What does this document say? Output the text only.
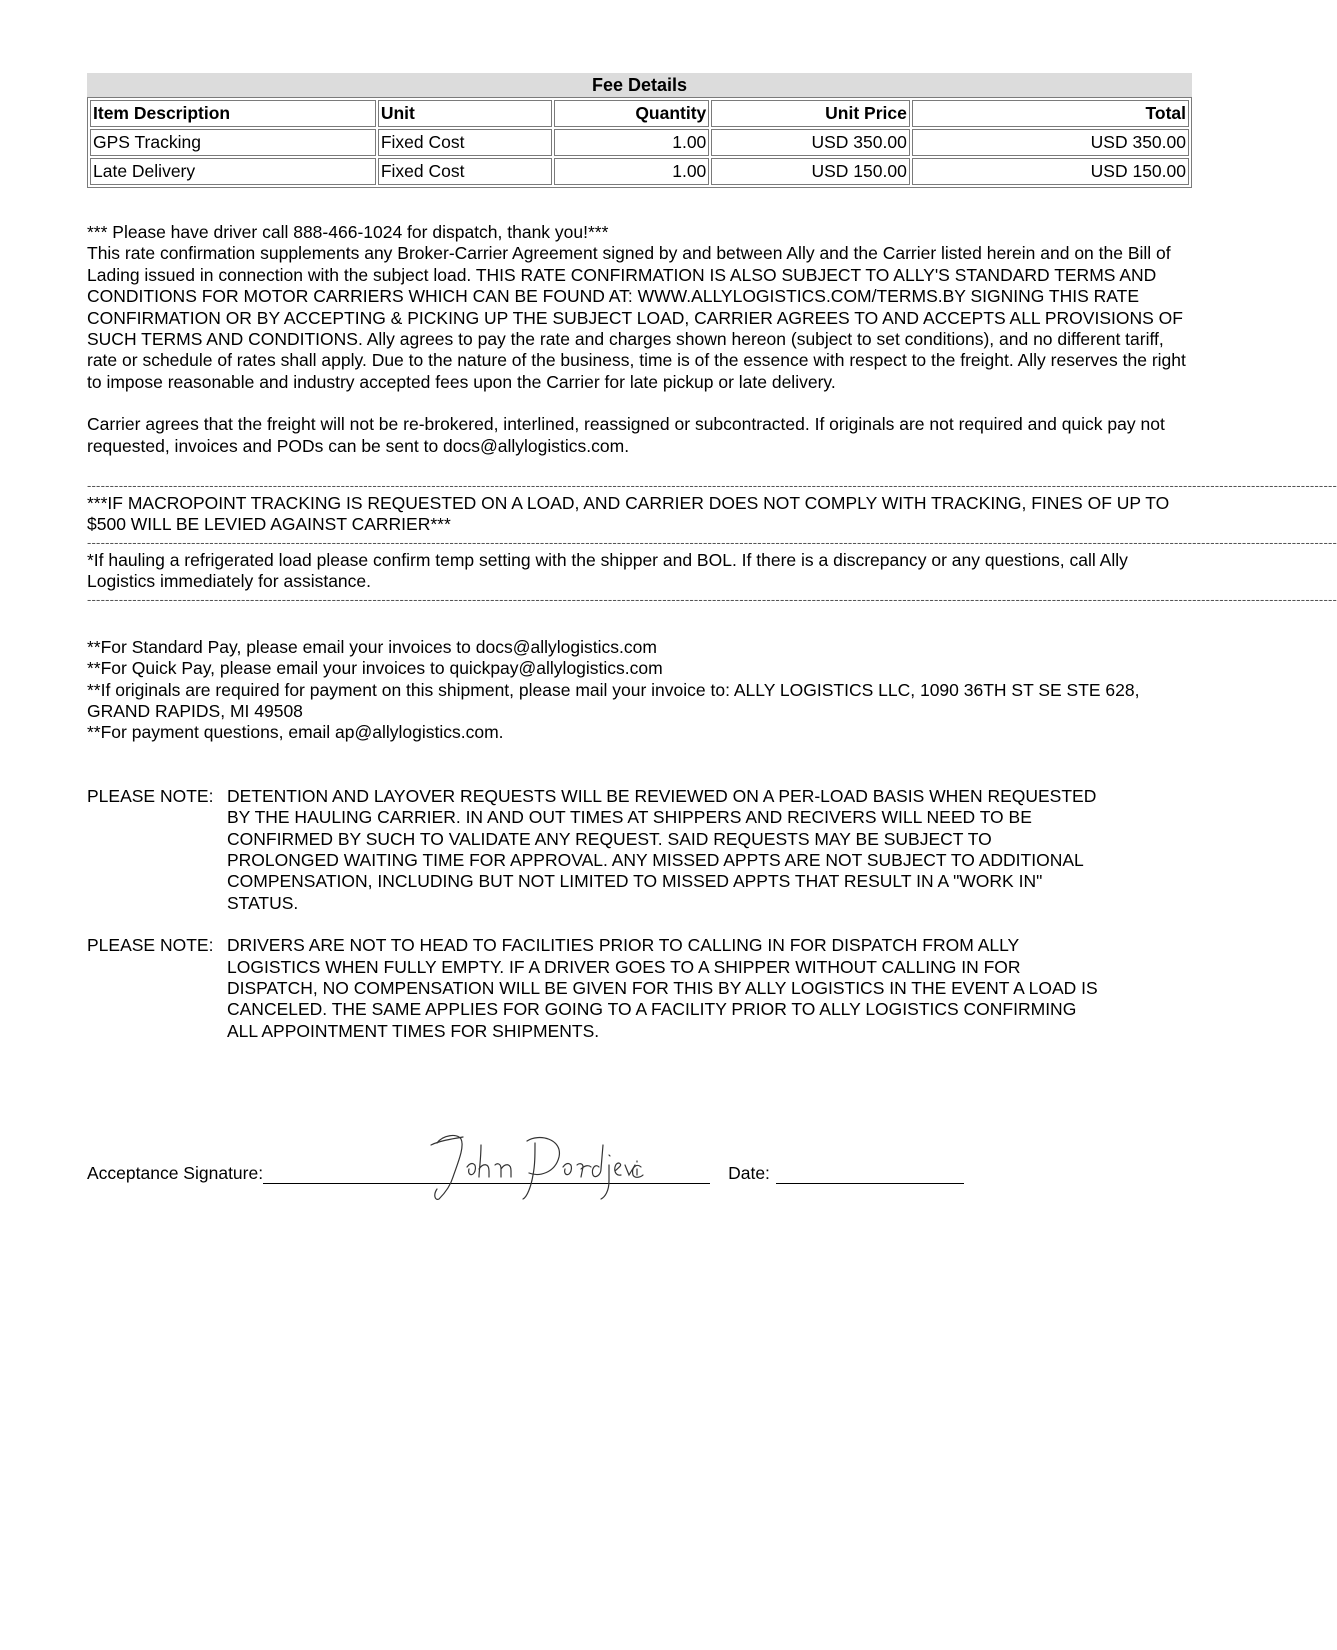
Fee Details
Item Description	Unit	Quantity	Unit Price	Total
GPS Tracking	Fixed Cost	1.00	USD 350.00	USD 350.00
Late Delivery	Fixed Cost	1.00	USD 150.00	USD 150.00

*** Please have driver call 888-466-1024 for dispatch, thank you!***

This rate confirmation supplements any Broker-Carrier Agreement signed by and between Ally and the Carrier listed herein and on the Bill of Lading issued in connection with the subject load. THIS RATE CONFIRMATION IS ALSO SUBJECT TO ALLY'S STANDARD TERMS AND CONDITIONS FOR MOTOR CARRIERS WHICH CAN BE FOUND AT: WWW.ALLYLOGISTICS.COM/TERMS.BY SIGNING THIS RATE CONFIRMATION OR BY ACCEPTING & PICKING UP THE SUBJECT LOAD, CARRIER AGREES TO AND ACCEPTS ALL PROVISIONS OF SUCH TERMS AND CONDITIONS. Ally agrees to pay the rate and charges shown hereon (subject to set conditions), and no different tariff, rate or schedule of rates shall apply. Due to the nature of the business, time is of the essence with respect to the freight. Ally reserves the right to impose reasonable and industry accepted fees upon the Carrier for late pickup or late delivery.

Carrier agrees that the freight will not be re-brokered, interlined, reassigned or subcontracted. If originals are not required and quick pay not requested, invoices and PODs can be sent to docs@allylogistics.com.

------------------------------------------------------------------------------------------------------------------------------------------------------------------------------------------------------------------------------------------------------------------------------------

***IF MACROPOINT TRACKING IS REQUESTED ON A LOAD, AND CARRIER DOES NOT COMPLY WITH TRACKING, FINES OF UP TO $500 WILL BE LEVIED AGAINST CARRIER***

------------------------------------------------------------------------------------------------------------------------------------------------------------------------------------------------------------------------------------------------------------------------------------

*If hauling a refrigerated load please confirm temp setting with the shipper and BOL. If there is a discrepancy or any questions, call Ally Logistics immediately for assistance.

------------------------------------------------------------------------------------------------------------------------------------------------------------------------------------------------------------------------------------------------------------------------------------

**For Standard Pay, please email your invoices to docs@allylogistics.com

**For Quick Pay, please email your invoices to quickpay@allylogistics.com

**If originals are required for payment on this shipment, please mail your invoice to: ALLY LOGISTICS LLC, 1090 36TH ST SE STE 628, GRAND RAPIDS, MI 49508

**For payment questions, email ap@allylogistics.com.

PLEASE NOTE: DETENTION AND LAYOVER REQUESTS WILL BE REVIEWED ON A PER-LOAD BASIS WHEN REQUESTED BY THE HAULING CARRIER. IN AND OUT TIMES AT SHIPPERS AND RECIVERS WILL NEED TO BE CONFIRMED BY SUCH TO VALIDATE ANY REQUEST. SAID REQUESTS MAY BE SUBJECT TO PROLONGED WAITING TIME FOR APPROVAL. ANY MISSED APPTS ARE NOT SUBJECT TO ADDITIONAL COMPENSATION, INCLUDING BUT NOT LIMITED TO MISSED APPTS THAT RESULT IN A "WORK IN" STATUS.
PLEASE NOTE: DRIVERS ARE NOT TO HEAD TO FACILITIES PRIOR TO CALLING IN FOR DISPATCH FROM ALLY LOGISTICS WHEN FULLY EMPTY. IF A DRIVER GOES TO A SHIPPER WITHOUT CALLING IN FOR DISPATCH, NO COMPENSATION WILL BE GIVEN FOR THIS BY ALLY LOGISTICS IN THE EVENT A LOAD IS CANCELED. THE SAME APPLIES FOR GOING TO A FACILITY PRIOR TO ALLY LOGISTICS CONFIRMING ALL APPOINTMENT TIMES FOR SHIPMENTS.
Acceptance Signature:	Date:
